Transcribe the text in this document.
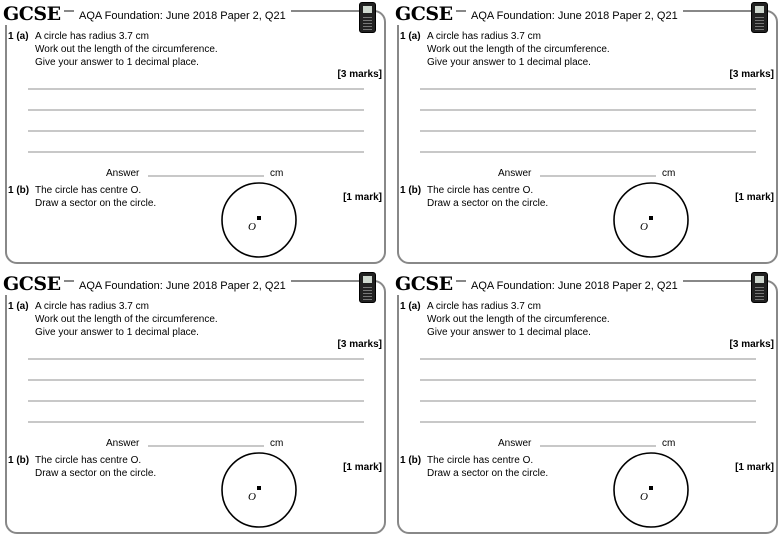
GCSE	AQA Foundation: June 2018 Paper 2, Q21
1 (a) A circle has radius 3.7 cm
Work out the length of the circumference.
Give your answer to 1 decimal place.
[3 marks]
Answer	cm
1 (b) The circle has centre O.
Draw a sector on the circle.
[1 mark]
O
GCSE	AQA Foundation: June 2018 Paper 2, Q21
1 (a) A circle has radius 3.7 cm
Work out the length of the circumference.
Give your answer to 1 decimal place.
[3 marks]
Answer	cm
1 (b) The circle has centre O.
Draw a sector on the circle.
[1 mark]
O
GCSE	AQA Foundation: June 2018 Paper 2, Q21
1 (a) A circle has radius 3.7 cm
Work out the length of the circumference.
Give your answer to 1 decimal place.
[3 marks]
Answer	cm
1 (b) The circle has centre O.
Draw a sector on the circle.
[1 mark]
O
GCSE	AQA Foundation: June 2018 Paper 2, Q21
1 (a) A circle has radius 3.7 cm
Work out the length of the circumference.
Give your answer to 1 decimal place.
[3 marks]
Answer	cm
1 (b) The circle has centre O.
Draw a sector on the circle.
[1 mark]
O
